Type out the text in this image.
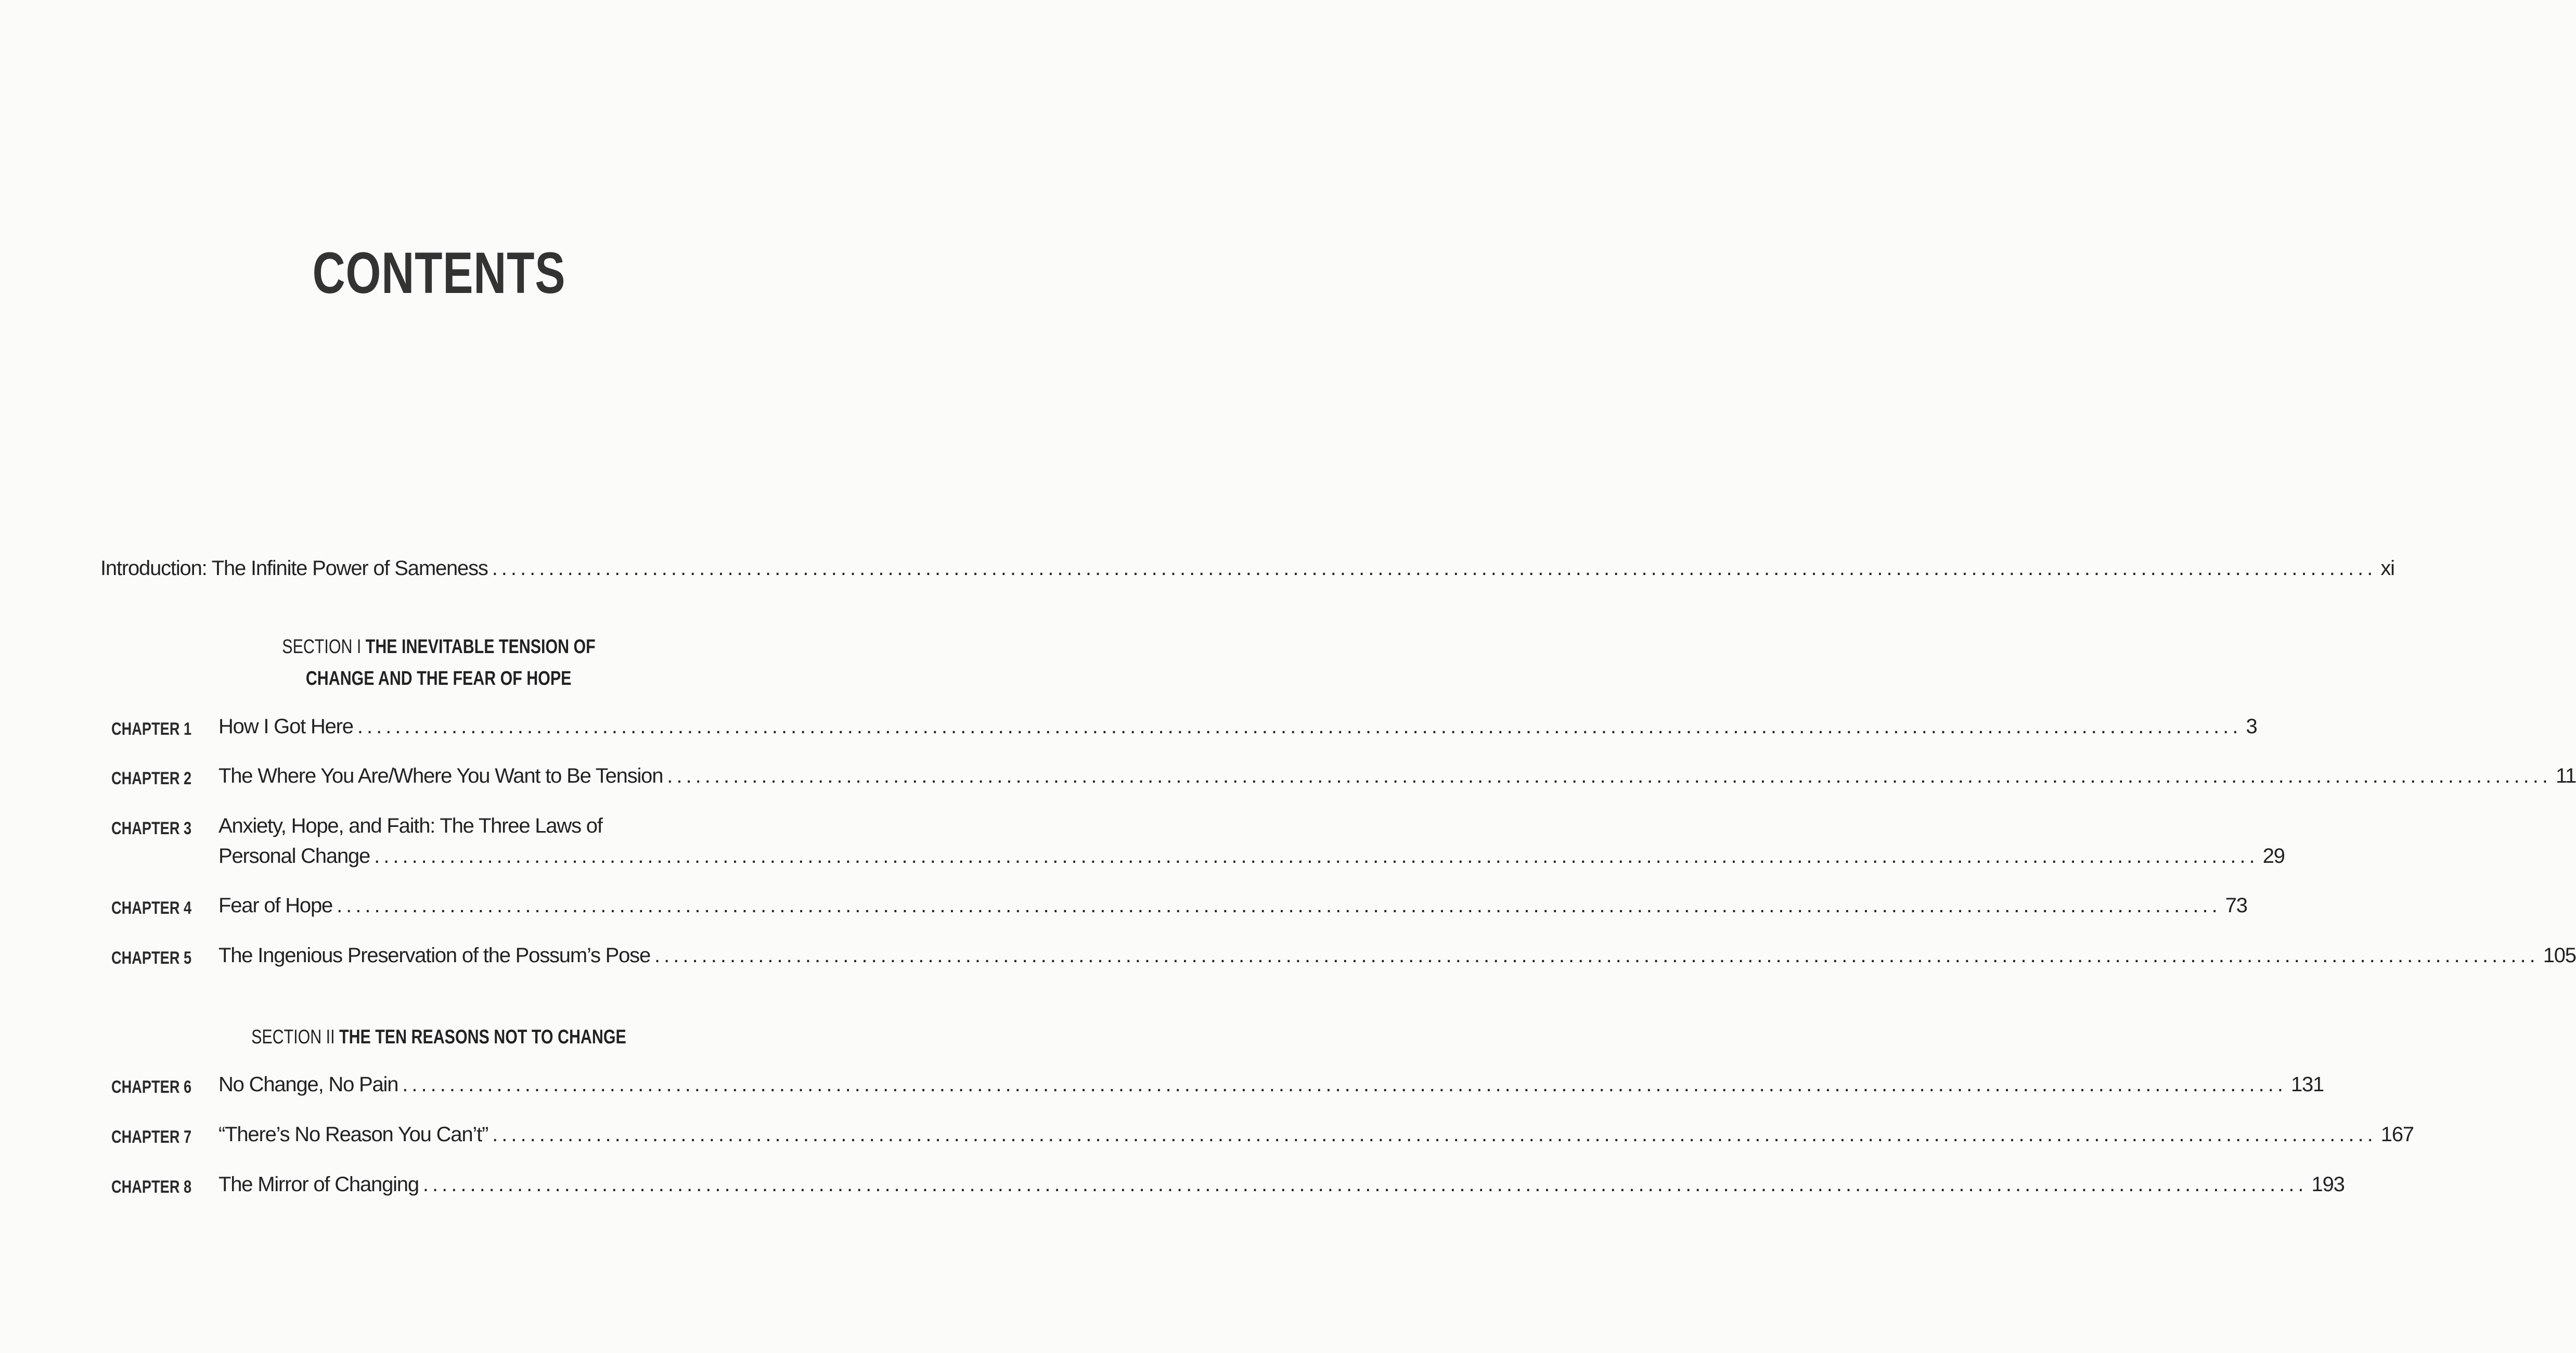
CONTENTS
Introduction: The Infinite Power of Sameness ........................................................................................................................................................................................................ xi
SECTION I THE INEVITABLE TENSION OF
CHANGE AND THE FEAR OF HOPE
CHAPTER 1 How I Got Here ........................................................................................................................................................................................................ 3
CHAPTER 2 The Where You Are/Where You Want to Be Tension ........................................................................................................................................................................................................ 11
CHAPTER 3 Anxiety, Hope, and Faith: The Three Laws of
Personal Change ........................................................................................................................................................................................................ 29
CHAPTER 4 Fear of Hope ........................................................................................................................................................................................................ 73
CHAPTER 5 The Ingenious Preservation of the Possum’s Pose ........................................................................................................................................................................................................ 105
SECTION II THE TEN REASONS NOT TO CHANGE
CHAPTER 6 No Change, No Pain ........................................................................................................................................................................................................ 131
CHAPTER 7 “There’s No Reason You Can’t” ........................................................................................................................................................................................................ 167
CHAPTER 8 The Mirror of Changing ........................................................................................................................................................................................................ 193
